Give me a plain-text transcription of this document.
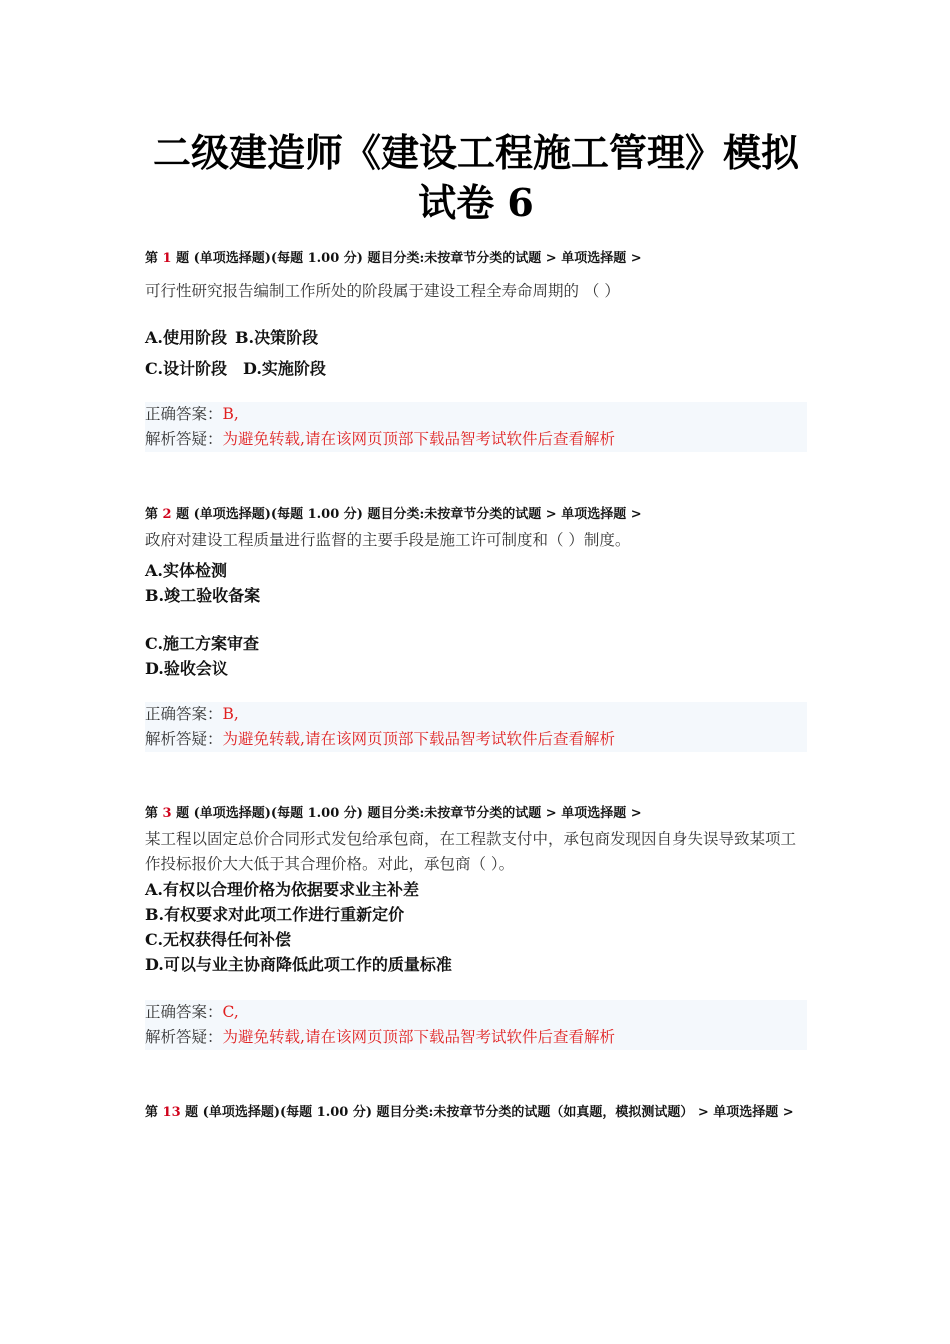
二级建造师《建设工程施工管理》模拟
试卷 6
第 1 题 (单项选择题)(每题 1.00 分) 题目分类:未按章节分类的试题 > 单项选择题 >
可行性研究报告编制工作所处的阶段属于建设工程全寿命周期的 （ ）
A.使用阶段 B.决策阶段
C.设计阶段 D.实施阶段
正确答案：B,
解析答疑：为避免转载,请在该网页顶部下载品智考试软件后查看解析
第 2 题 (单项选择题)(每题 1.00 分) 题目分类:未按章节分类的试题 > 单项选择题 >
政府对建设工程质量进行监督的主要手段是施工许可制度和（ ）制度。
A.实体检测
B.竣工验收备案
C.施工方案审查
D.验收会议
正确答案：B,
解析答疑：为避免转载,请在该网页顶部下载品智考试软件后查看解析
第 3 题 (单项选择题)(每题 1.00 分) 题目分类:未按章节分类的试题 > 单项选择题 >
某工程以固定总价合同形式发包给承包商，在工程款支付中，承包商发现因自身失误导致某项工作投标报价大大低于其合理价格。对此，承包商（ ）。
A.有权以合理价格为依据要求业主补差
B.有权要求对此项工作进行重新定价
C.无权获得任何补偿
D.可以与业主协商降低此项工作的质量标准
正确答案：C,
解析答疑：为避免转载,请在该网页顶部下载品智考试软件后查看解析
第 13 题 (单项选择题)(每题 1.00 分) 题目分类:未按章节分类的试题（如真题，模拟测试题） > 单项选择题 >
